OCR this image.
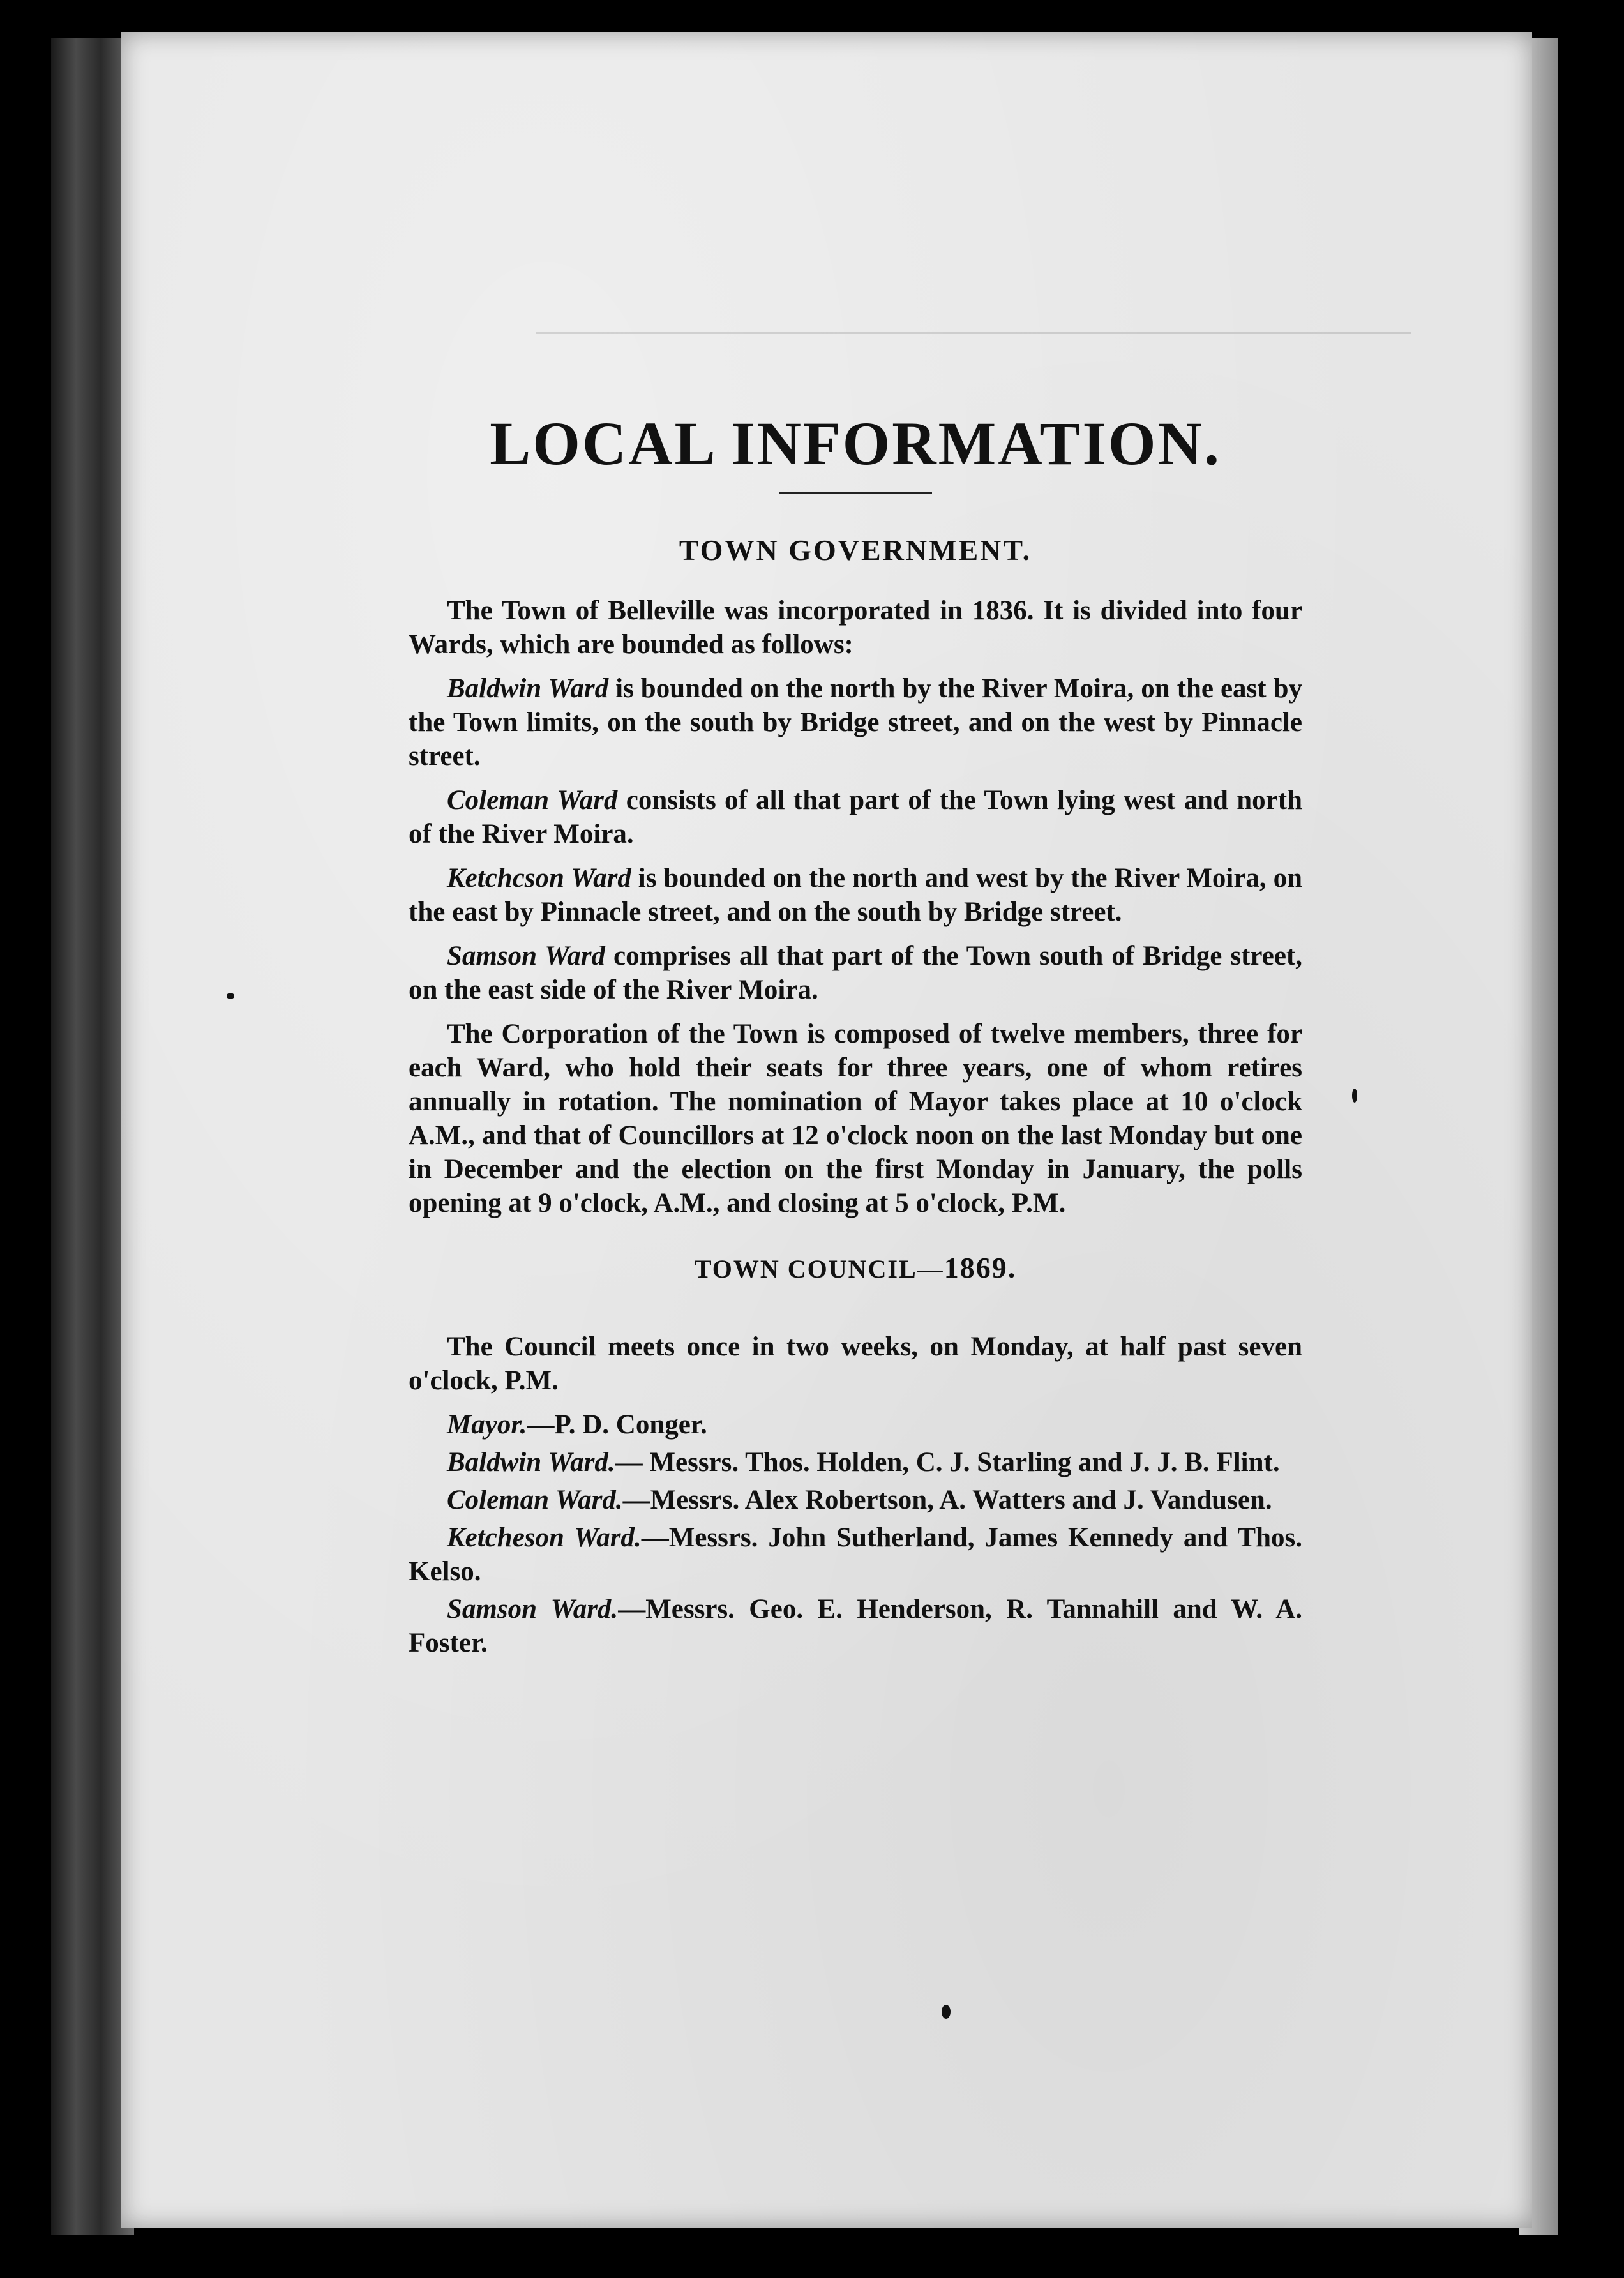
LOCAL INFORMATION.
TOWN GOVERNMENT.

The Town of Belleville was incorporated in 1836. It is divided into four Wards, which are bounded as follows:

Baldwin Ward is bounded on the north by the River Moira, on the east by the Town limits, on the south by Bridge street, and on the west by Pinnacle street.

Coleman Ward consists of all that part of the Town lying west and north of the River Moira.

Ketchcson Ward is bounded on the north and west by the River Moira, on the east by Pinnacle street, and on the south by Bridge street.

Samson Ward comprises all that part of the Town south of Bridge street, on the east side of the River Moira.

The Corporation of the Town is composed of twelve members, three for each Ward, who hold their seats for three years, one of whom retires annually in rotation. The nomination of Mayor takes place at 10 o'clock A.M., and that of Councillors at 12 o'clock noon on the last Monday but one in December and the election on the first Monday in January, the polls opening at 9 o'clock, A.M., and closing at 5 o'clock, P.M.

TOWN COUNCIL—1869.

The Council meets once in two weeks, on Monday, at half past seven o'clock, P.M.

Mayor.—P. D. Conger.
Baldwin Ward.— Messrs. Thos. Holden, C. J. Starling and J. J. B. Flint.
Coleman Ward.—Messrs. Alex Robertson, A. Watters and J. Vandusen.
Ketcheson Ward.—Messrs. John Sutherland, James Kennedy and Thos. Kelso.
Samson Ward.—Messrs. Geo. E. Henderson, R. Tannahill and W. A. Foster.
